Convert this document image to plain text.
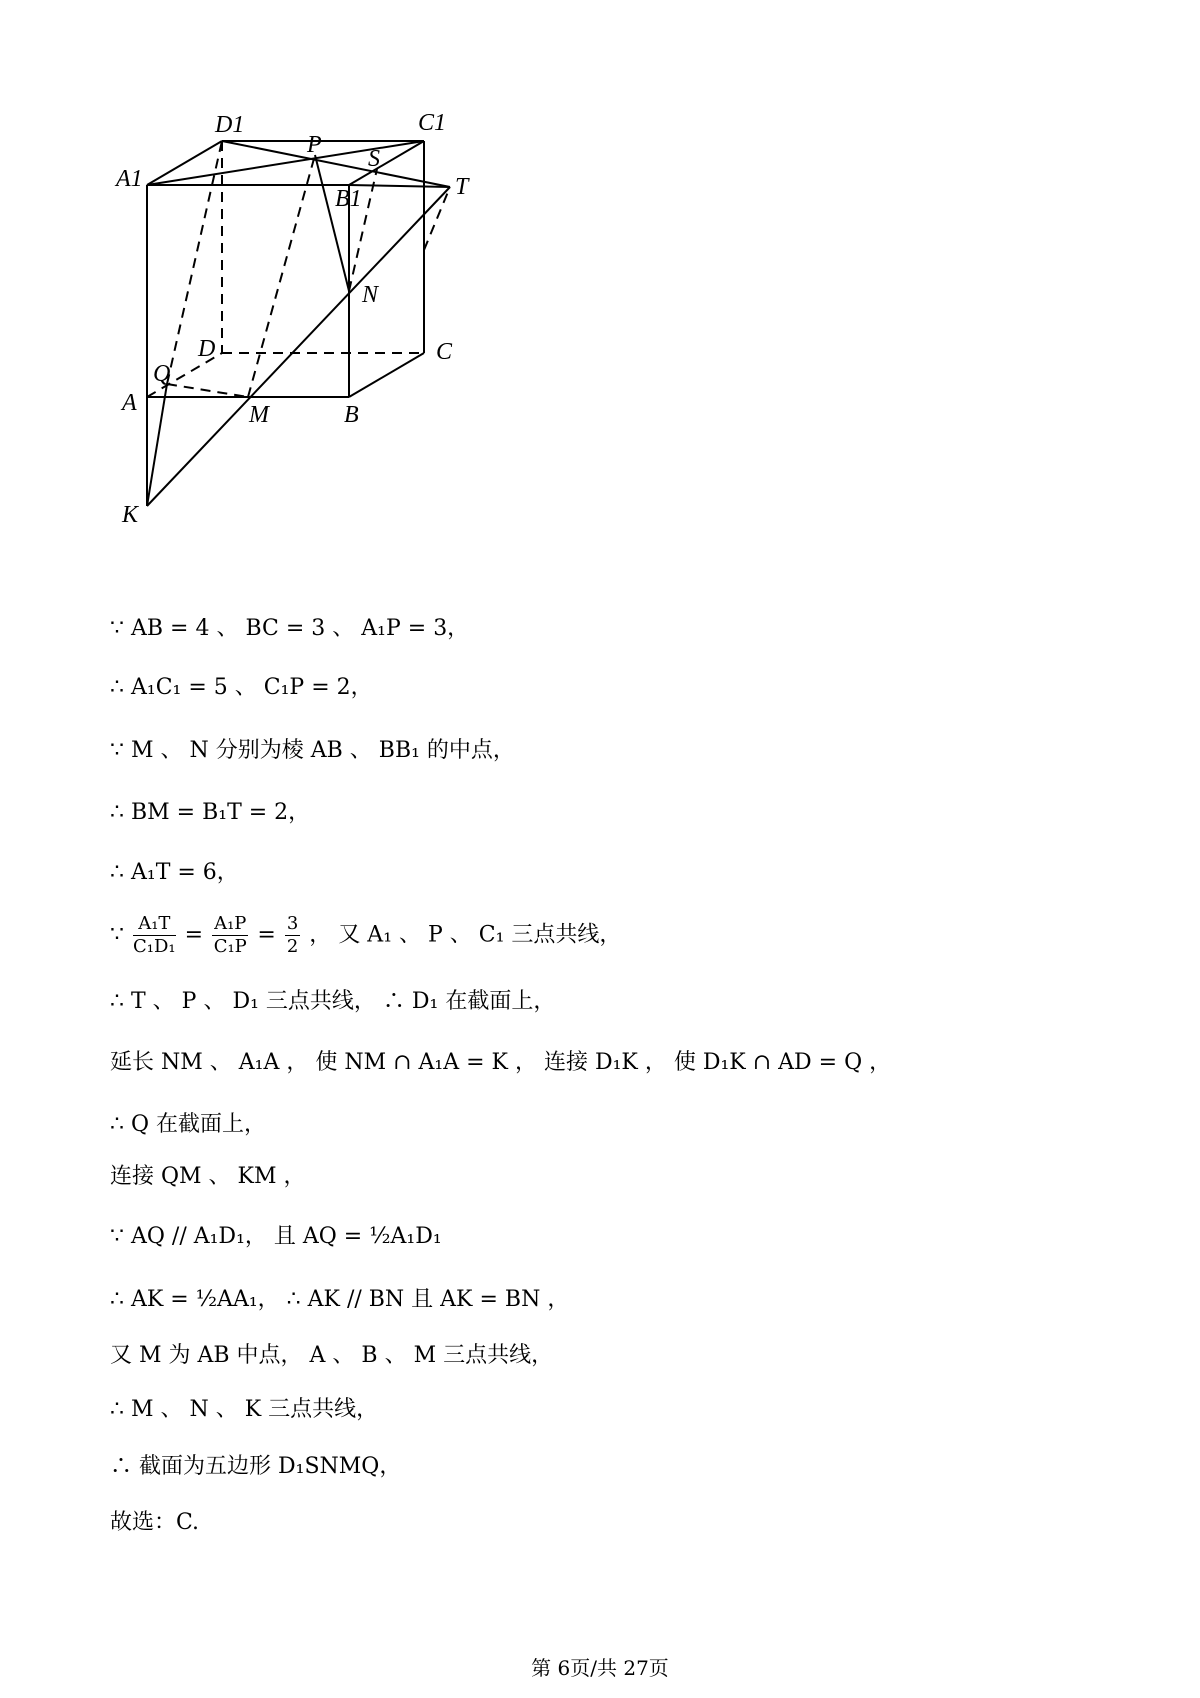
D1	C1
A1
B1
P
S
T
N
D	C
Q
A	M	B
K
∵ AB = 4 、 BC = 3 、 A₁P = 3，
∴ A₁C₁ = 5 、 C₁P = 2，
∵ M 、 N 分别为棱 AB 、 BB₁ 的中点，
∴ BM = B₁T = 2，
∴ A₁T = 6，
∵ $\frac{\text{A₁T}}{\text{C₁D₁}} = \frac{\text{A₁P}}{\text{C₁P}} = \frac{3}{2}$ ， 又 A₁ 、 P 、 C₁ 三点共线，
∴ T 、 P 、 D₁ 三点共线， ∴ D₁ 在截面上，
延长 NM 、 A₁A ， 使 NM ∩ A₁A = K ， 连接 D₁K ， 使 D₁K ∩ AD = Q ，
∴ Q 在截面上，
连接 QM 、 KM ，
∵ AQ // A₁D₁， 且 AQ = ½A₁D₁
∴ AK = ½AA₁， ∴ AK // BN 且 AK = BN ，
又 M 为 AB 中点， A 、 B 、 M 三点共线，
∴ M 、 N 、 K 三点共线，
∴ 截面为五边形 D₁SNMQ，
故选：C.
第 6页/共 27页
